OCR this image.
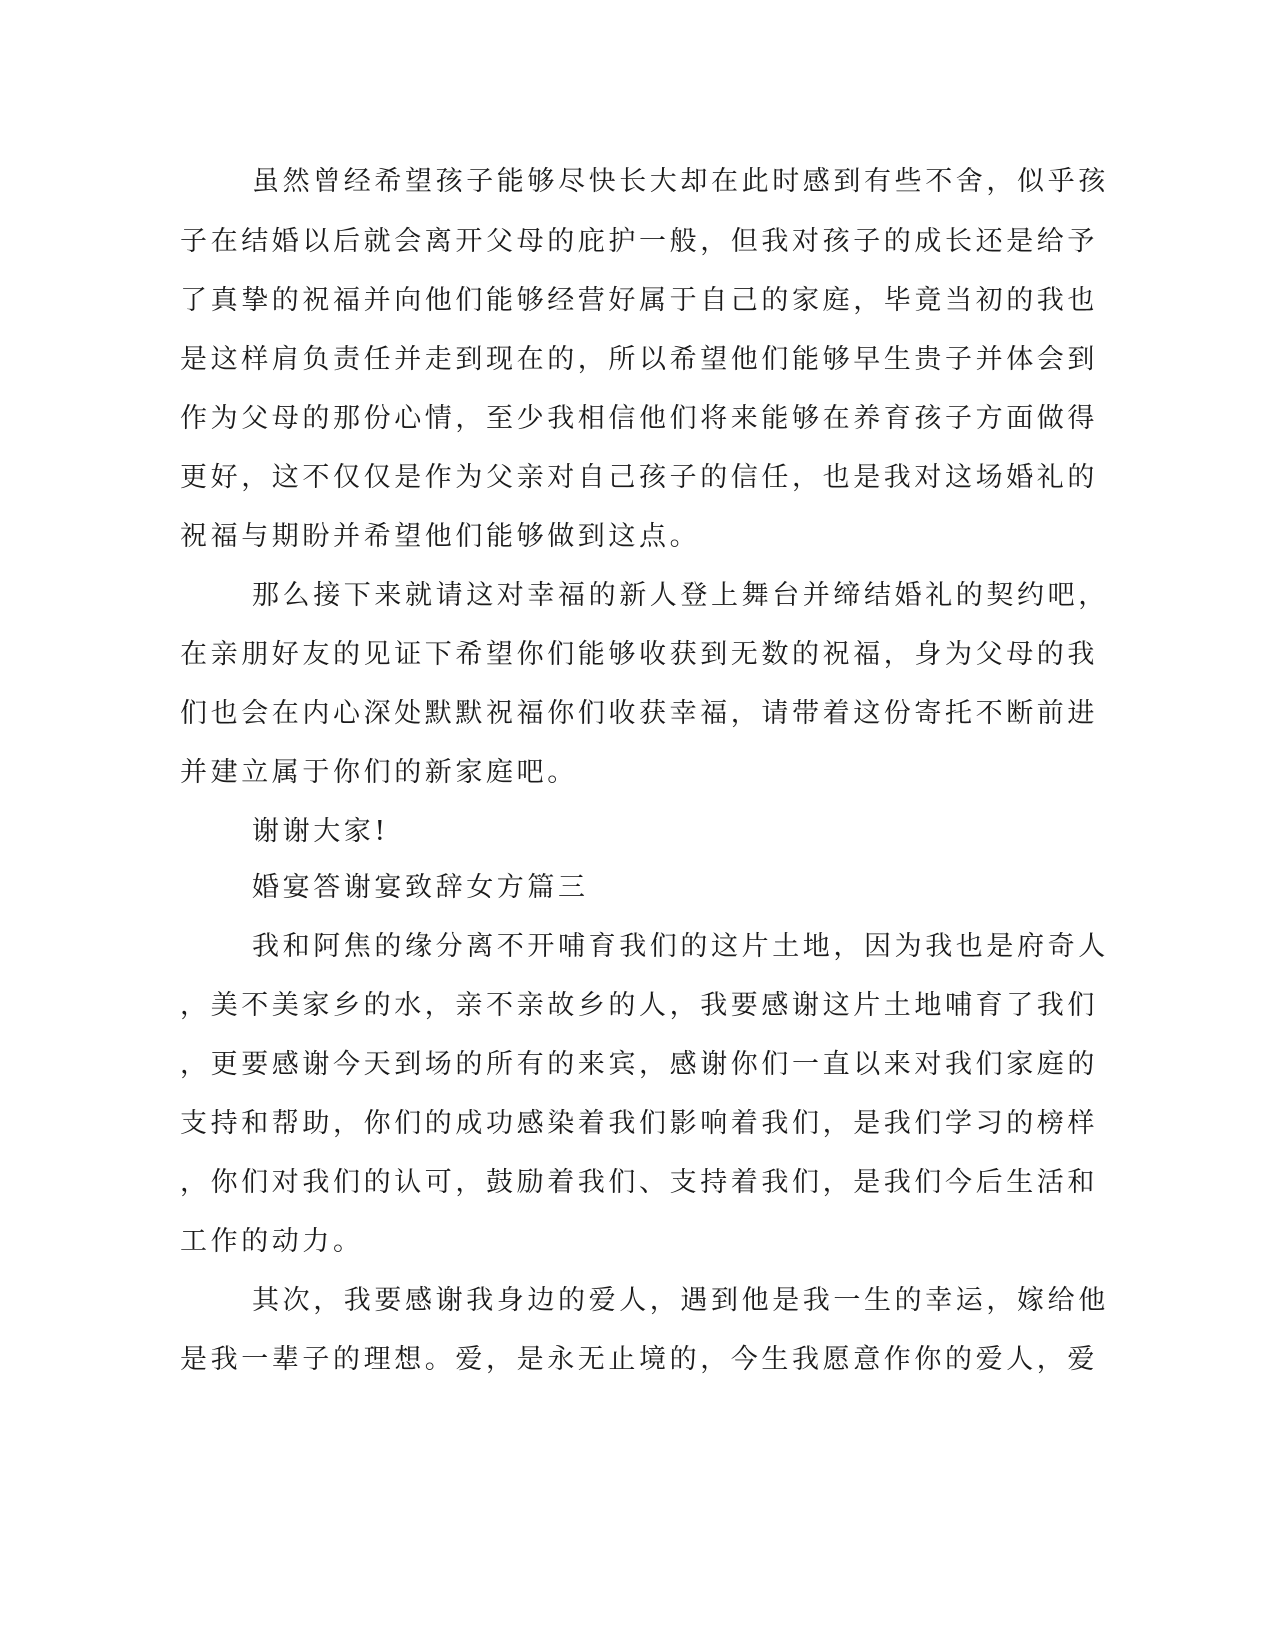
虽然曾经希望孩子能够尽快长大却在此时感到有些不舍，似乎孩
子在结婚以后就会离开父母的庇护一般，但我对孩子的成长还是给予
了真挚的祝福并向他们能够经营好属于自己的家庭，毕竟当初的我也
是这样肩负责任并走到现在的，所以希望他们能够早生贵子并体会到
作为父母的那份心情，至少我相信他们将来能够在养育孩子方面做得
更好，这不仅仅是作为父亲对自己孩子的信任，也是我对这场婚礼的
祝福与期盼并希望他们能够做到这点。
那么接下来就请这对幸福的新人登上舞台并缔结婚礼的契约吧，
在亲朋好友的见证下希望你们能够收获到无数的祝福，身为父母的我
们也会在内心深处默默祝福你们收获幸福，请带着这份寄托不断前进
并建立属于你们的新家庭吧。
谢谢大家!
婚宴答谢宴致辞女方篇三
我和阿焦的缘分离不开哺育我们的这片土地，因为我也是府奇人
，美不美家乡的水，亲不亲故乡的人，我要感谢这片土地哺育了我们
，更要感谢今天到场的所有的来宾，感谢你们一直以来对我们家庭的
支持和帮助，你们的成功感染着我们影响着我们，是我们学习的榜样
，你们对我们的认可，鼓励着我们、支持着我们，是我们今后生活和
工作的动力。
其次，我要感谢我身边的爱人，遇到他是我一生的幸运，嫁给他
是我一辈子的理想。爱，是永无止境的，今生我愿意作你的爱人，爱
